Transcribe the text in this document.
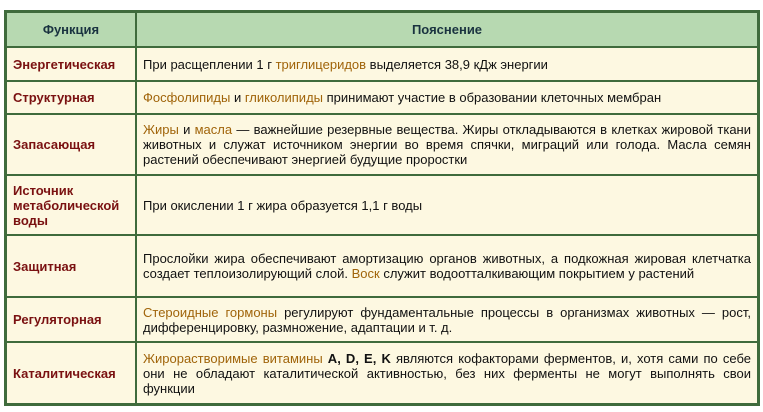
Функция	Пояснение
Энергетическая	При расщеплении 1 г триглицеридов выделяется 38,9 кДж энергии
Структурная	Фосфолипиды и гликолипиды принимают участие в образовании клеточных мембран
Запасающая	Жиры и масла — важнейшие резервные вещества. Жиры откладываются в клетках жировой ткани животных и служат источником энергии во время спячки, миграций или голода. Масла семян растений обеспечивают энергией будущие проростки
Источник метаболической воды	При окислении 1 г жира образуется 1,1 г воды
Защитная	Прослойки жира обеспечивают амортизацию органов животных, а подкожная жировая клетчатка создает теплоизолирующий слой. Воск служит водоотталкивающим покрытием у растений
Регуляторная	Стероидные гормоны регулируют фундаментальные процессы в организмах животных — рост, дифференцировку, размножение, адаптации и т. д.
Каталитическая	Жирорастворимые витамины A, D, E, K являются кофакторами ферментов, и, хотя сами по себе они не обладают каталитической активностью, без них ферменты не могут выполнять свои функции
